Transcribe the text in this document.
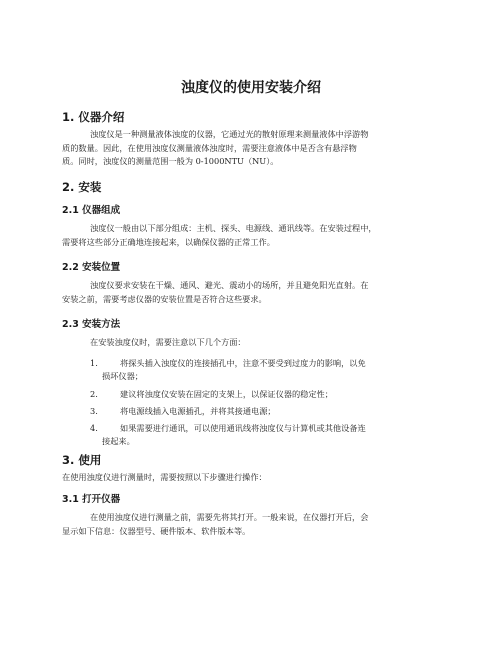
浊度仪的使用安装介绍
1. 仪器介绍
浊度仪是一种测量液体浊度的仪器，它通过光的散射原理来测量液体中浮游物
质的数量。因此，在使用浊度仪测量液体浊度时，需要注意液体中是否含有悬浮物
质。同时，浊度仪的测量范围一般为 0-1000NTU（NU）。
2. 安装
2.1 仪器组成
浊度仪一般由以下部分组成：主机、探头、电源线、通讯线等。在安装过程中，
需要将这些部分正确地连接起来，以确保仪器的正常工作。
2.2 安装位置
浊度仪要求安装在干燥、通风、避光、震动小的场所，并且避免阳光直射。在
安装之前，需要考虑仪器的安装位置是否符合这些要求。
2.3 安装方法
在安装浊度仪时，需要注意以下几个方面：
1.	将探头插入浊度仪的连接插孔中，注意不要受到过度力的影响，以免
损坏仪器；
2.	建议将浊度仪安装在固定的支架上，以保证仪器的稳定性；
3.	将电源线插入电源插孔，并将其接通电源；
4.	如果需要进行通讯，可以使用通讯线将浊度仪与计算机或其他设备连
接起来。
3. 使用
在使用浊度仪进行测量时，需要按照以下步骤进行操作：
3.1 打开仪器
在使用浊度仪进行测量之前，需要先将其打开。一般来说，在仪器打开后，会
显示如下信息：仪器型号、硬件版本、软件版本等。
